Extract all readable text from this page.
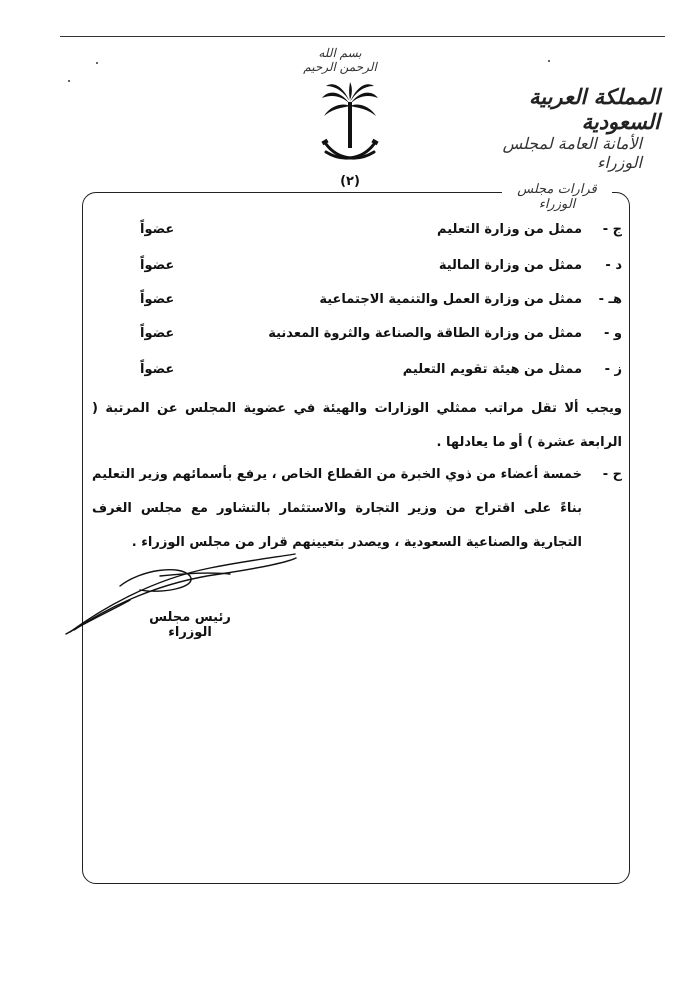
بسم الله الرحمن الرحيم
المملكة العربية السعودية
الأمانة العامة لمجلس الوزراء
(٢)
قرارات مجلس الوزراء
ج -
ممثل من وزارة التعليم
عضواً
د -
ممثل من وزارة المالية
عضواً
هـ -
ممثل من وزارة العمل والتنمية الاجتماعية
عضواً
و -
ممثل من وزارة الطاقة والصناعة والثروة المعدنية
عضواً
ز -
ممثل من هيئة تقويم التعليم
عضواً
ويجب ألا تقل مراتب ممثلي الوزارات والهيئة في عضوية المجلس عن المرتبة ( الرابعة عشرة ) أو ما يعادلها .
ح -
خمسة أعضاء من ذوي الخبرة من القطاع الخاص ، يرفع بأسمائهم وزير التعليم بناءً على اقتراح من وزير التجارة والاستثمار بالتشاور مع مجلس الغرف التجارية والصناعية السعودية ، ويصدر بتعيينهم قرار من مجلس الوزراء .
رئيس مجلس الوزراء
